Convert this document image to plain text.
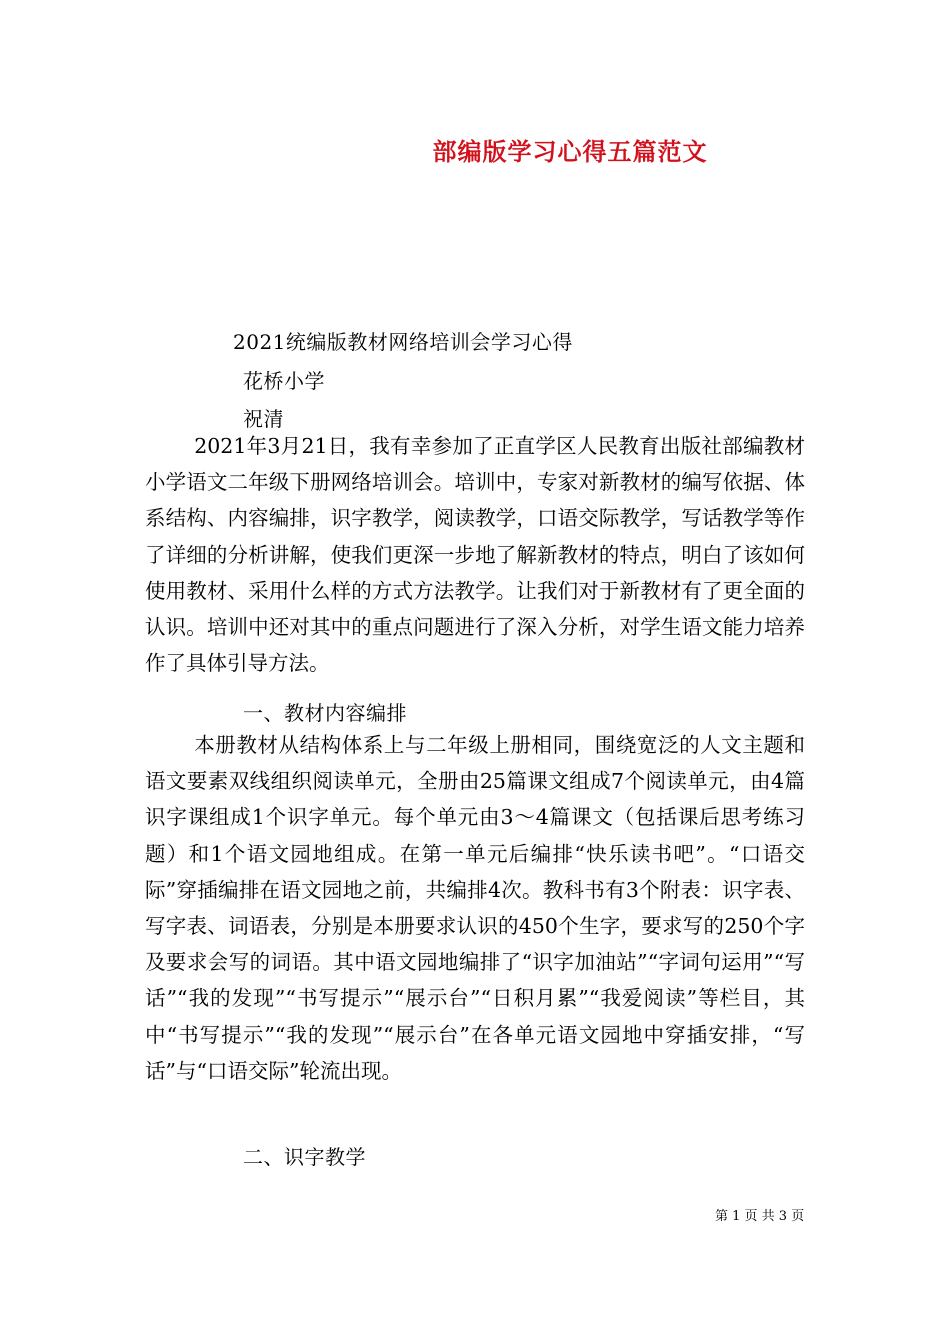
部编版学习心得五篇范文
2021统编版教材网络培训会学习心得
花桥小学
祝清
2021年3月21日，我有幸参加了正直学区人民教育出版社部编教材小学语文二年级下册网络培训会。培训中，专家对新教材的编写依据、体系结构、内容编排，识字教学，阅读教学，口语交际教学，写话教学等作了详细的分析讲解，使我们更深一步地了解新教材的特点，明白了该如何使用教材、采用什么样的方式方法教学。让我们对于新教材有了更全面的认识。培训中还对其中的重点问题进行了深入分析，对学生语文能力培养作了具体引导方法。
一、教材内容编排
本册教材从结构体系上与二年级上册相同，围绕宽泛的人文主题和语文要素双线组织阅读单元，全册由25篇课文组成7个阅读单元，由4篇识字课组成1个识字单元。每个单元由3～4篇课文（包括课后思考练习题）和1个语文园地组成。在第一单元后编排“快乐读书吧”。“口语交际”穿插编排在语文园地之前，共编排4次。教科书有3个附表：识字表、写字表、词语表，分别是本册要求认识的450个生字，要求写的250个字及要求会写的词语。其中语文园地编排了“识字加油站”“字词句运用”“写话”“我的发现”“书写提示”“展示台”“日积月累”“我爱阅读”等栏目，其中“书写提示”“我的发现”“展示台”在各单元语文园地中穿插安排，“写话”与“口语交际”轮流出现。
二、识字教学
第 1 页 共 3 页
